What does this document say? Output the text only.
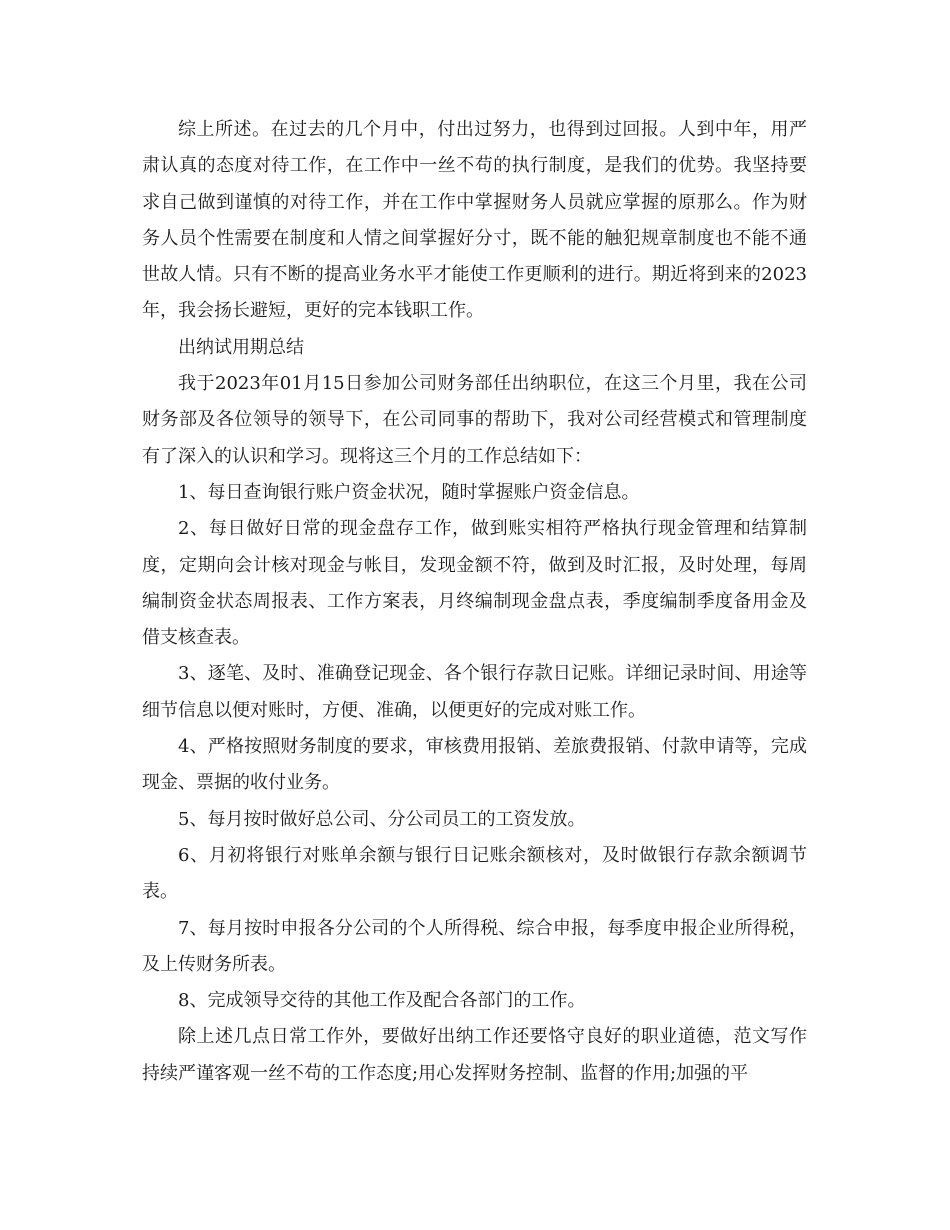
综上所述。在过去的几个月中，付出过努力，也得到过回报。人到中年，用严肃认真的态度对待工作，在工作中一丝不苟的执行制度，是我们的优势。我坚持要求自己做到谨慎的对待工作，并在工作中掌握财务人员就应掌握的原那么。作为财务人员个性需要在制度和人情之间掌握好分寸，既不能的触犯规章制度也不能不通世故人情。只有不断的提高业务水平才能使工作更顺利的进行。期近将到来的2023年，我会扬长避短，更好的完本钱职工作。

出纳试用期总结

我于2023年01月15日参加公司财务部任出纳职位，在这三个月里，我在公司财务部及各位领导的领导下，在公司同事的帮助下，我对公司经营模式和管理制度有了深入的认识和学习。现将这三个月的工作总结如下：

1、每日查询银行账户资金状况，随时掌握账户资金信息。

2、每日做好日常的现金盘存工作，做到账实相符严格执行现金管理和结算制度，定期向会计核对现金与帐目，发现金额不符，做到及时汇报，及时处理，每周编制资金状态周报表、工作方案表，月终编制现金盘点表，季度编制季度备用金及借支核查表。

3、逐笔、及时、准确登记现金、各个银行存款日记账。详细记录时间、用途等细节信息以便对账时，方便、准确，以便更好的完成对账工作。

4、严格按照财务制度的要求，审核费用报销、差旅费报销、付款申请等，完成现金、票据的收付业务。

5、每月按时做好总公司、分公司员工的工资发放。

6、月初将银行对账单余额与银行日记账余额核对，及时做银行存款余额调节表。

7、每月按时申报各分公司的个人所得税、综合申报，每季度申报企业所得税，及上传财务所表。

8、完成领导交待的其他工作及配合各部门的工作。

除上述几点日常工作外，要做好出纳工作还要恪守良好的职业道德，范文写作持续严谨客观一丝不苟的工作态度;用心发挥财务控制、监督的作用;加强的平
